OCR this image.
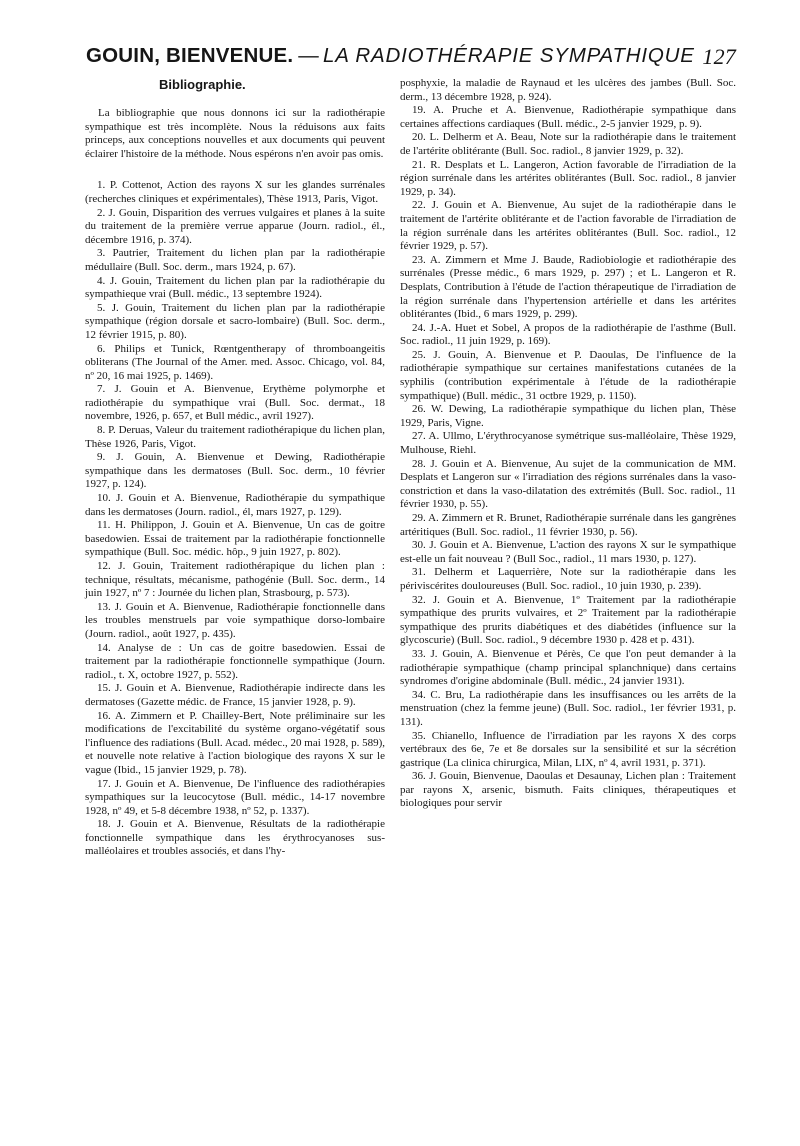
GOUIN, BIENVENUE. — LA RADIOTHÉRAPIE SYMPATHIQUE 127
Bibliographie.

La bibliographie que nous donnons ici sur la radiothérapie sympathique est très incomplète. Nous la réduisons aux faits princeps, aux conceptions nouvelles et aux documents qui peuvent éclairer l'histoire de la méthode. Nous espérons n'en avoir pas omis.

1. P. Cottenot, Action des rayons X sur les glandes surrénales (recherches cliniques et expérimentales), Thèse 1913, Paris, Vigot.

2. J. Gouin, Disparition des verrues vulgaires et planes à la suite du traitement de la première verrue apparue (Journ. radiol., él., décembre 1916, p. 374).

3. Pautrier, Traitement du lichen plan par la radiothérapie médullaire (Bull. Soc. derm., mars 1924, p. 67).

4. J. Gouin, Traitement du lichen plan par la radiothérapie du sympathieque vrai (Bull. médic., 13 septembre 1924).

5. J. Gouin, Traitement du lichen plan par la radiothérapie sympathique (région dorsale et sacro-lombaire) (Bull. Soc. derm., 12 février 1915, p. 80).

6. Philips et Tunick, Rœntgentherapy of thromboangeitis obliterans (The Journal of the Amer. med. Assoc. Chicago, vol. 84, nº 20, 16 mai 1925, p. 1469).

7. J. Gouin et A. Bienvenue, Erythème polymorphe et radiothérapie du sympathique vrai (Bull. Soc. dermat., 18 novembre, 1926, p. 657, et Bull médic., avril 1927).

8. P. Deruas, Valeur du traitement radiothérapique du lichen plan, Thèse 1926, Paris, Vigot.

9. J. Gouin, A. Bienvenue et Dewing, Radiothérapie sympathique dans les dermatoses (Bull. Soc. derm., 10 février 1927, p. 124).

10. J. Gouin et A. Bienvenue, Radiothérapie du sympathique dans les dermatoses (Journ. radiol., él, mars 1927, p. 129).

11. H. Philippon, J. Gouin et A. Bienvenue, Un cas de goitre basedowien. Essai de traitement par la radiothérapie fonctionnelle sympathique (Bull. Soc. médic. hôp., 9 juin 1927, p. 802).

12. J. Gouin, Traitement radiothérapique du lichen plan : technique, résultats, mécanisme, pathogénie (Bull. Soc. derm., 14 juin 1927, nº 7 : Journée du lichen plan, Strasbourg, p. 573).

13. J. Gouin et A. Bienvenue, Radiothérapie fonctionnelle dans les troubles menstruels par voie sympathique dorso-lombaire (Journ. radiol., août 1927, p. 435).

14. Analyse de : Un cas de goitre basedowien. Essai de traitement par la radiothérapie fonctionnelle sympathique (Journ. radiol., t. X, octobre 1927, p. 552).

15. J. Gouin et A. Bienvenue, Radiothérapie indirecte dans les dermatoses (Gazette médic. de France, 15 janvier 1928, p. 9).

16. A. Zimmern et P. Chailley-Bert, Note préliminaire sur les modifications de l'excitabilité du système organo-végétatif sous l'influence des radiations (Bull. Acad. médec., 20 mai 1928, p. 589), et nouvelle note relative à l'action biologique des rayons X sur le vague (Ibid., 15 janvier 1929, p. 78).

17. J. Gouin et A. Bienvenue, De l'influence des radiothérapies sympathiques sur la leucocytose (Bull. médic., 14-17 novembre 1928, nº 49, et 5-8 décembre 1938, nº 52, p. 1337).

18. J. Gouin et A. Bienvenue, Résultats de la radiothérapie fonctionnelle sympathique dans les érythrocyanoses sus-malléolaires et troubles associés, et dans l'hy-

posphyxie, la maladie de Raynaud et les ulcères des jambes (Bull. Soc. derm., 13 décembre 1928, p. 924).

19. A. Pruche et A. Bienvenue, Radiothérapie sympathique dans certaines affections cardiaques (Bull. médic., 2-5 janvier 1929, p. 9).

20. L. Delherm et A. Beau, Note sur la radiothérapie dans le traitement de l'artérite oblitérante (Bull. Soc. radiol., 8 janvier 1929, p. 32).

21. R. Desplats et L. Langeron, Action favorable de l'irradiation de la région surrénale dans les artérites oblitérantes (Bull. Soc. radiol., 8 janvier 1929, p. 34).

22. J. Gouin et A. Bienvenue, Au sujet de la radiothérapie dans le traitement de l'artérite oblitérante et de l'action favorable de l'irradiation de la région surrénale dans les artérites oblitérantes (Bull. Soc. radiol., 12 février 1929, p. 57).

23. A. Zimmern et Mme J. Baude, Radiobiologie et radiothérapie des surrénales (Presse médic., 6 mars 1929, p. 297) ; et L. Langeron et R. Desplats, Contribution à l'étude de l'action thérapeutique de l'irradiation de la région surrénale dans l'hypertension artérielle et dans les artérites oblitérantes (Ibid., 6 mars 1929, p. 299).

24. J.-A. Huet et Sobel, A propos de la radiothérapie de l'asthme (Bull. Soc. radiol., 11 juin 1929, p. 169).

25. J. Gouin, A. Bienvenue et P. Daoulas, De l'influence de la radiothérapie sympathique sur certaines manifestations cutanées de la syphilis (contribution expérimentale à l'étude de la radiothérapie sympathique) (Bull. médic., 31 octbre 1929, p. 1150).

26. W. Dewing, La radiothérapie sympathique du lichen plan, Thèse 1929, Paris, Vigne.

27. A. Ullmo, L'érythrocyanose symétrique sus-malléolaire, Thèse 1929, Mulhouse, Riehl.

28. J. Gouin et A. Bienvenue, Au sujet de la communication de MM. Desplats et Langeron sur « l'irradiation des régions surrénales dans la vaso-constriction et dans la vaso-dilatation des extrémités (Bull. Soc. radiol., 11 février 1930, p. 55).

29. A. Zimmern et R. Brunet, Radiothérapie surrénale dans les gangrènes artéritiques (Bull. Soc. radiol., 11 février 1930, p. 56).

30. J. Gouin et A. Bienvenue, L'action des rayons X sur le sympathique est-elle un fait nouveau ? (Bull Soc., radiol., 11 mars 1930, p. 127).

31. Delherm et Laquerrière, Note sur la radiothérapie dans les périviscérites douloureuses (Bull. Soc. radiol., 10 juin 1930, p. 239).

32. J. Gouin et A. Bienvenue, 1º Traitement par la radiothérapie sympathique des prurits vulvaires, et 2º Traitement par la radiothérapie sympathique des prurits diabétiques et des diabétides (influence sur la glycoscurie) (Bull. Soc. radiol., 9 décembre 1930 p. 428 et p. 431).

33. J. Gouin, A. Bienvenue et Pérès, Ce que l'on peut demander à la radiothérapie sympathique (champ principal splanchnique) dans certains syndromes d'origine abdominale (Bull. médic., 24 janvier 1931).

34. C. Bru, La radiothérapie dans les insuffisances ou les arrêts de la menstruation (chez la femme jeune) (Bull. Soc. radiol., 1er février 1931, p. 131).

35. Chianello, Influence de l'irradiation par les rayons X des corps vertébraux des 6e, 7e et 8e dorsales sur la sensibilité et sur la sécrétion gastrique (La clinica chirurgica, Milan, LIX, nº 4, avril 1931, p. 371).

36. J. Gouin, Bienvenue, Daoulas et Desaunay, Lichen plan : Traitement par rayons X, arsenic, bismuth. Faits cliniques, thérapeutiques et biologiques pour servir
